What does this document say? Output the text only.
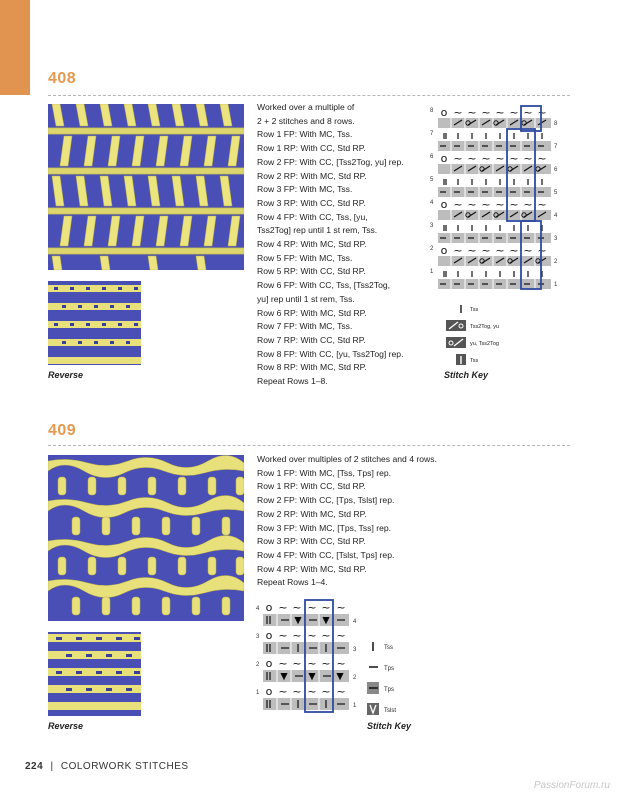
408
Reverse
Worked over a multiple of
2 + 2 stitches and 8 rows.
Row 1 FP: With MC, Tss.
Row 1 RP: With CC, Std RP.
Row 2 FP: With CC, [Tss2Tog, yu] rep.
Row 2 RP: With MC, Std RP.
Row 3 FP: With MC, Tss.
Row 3 RP: With CC, Std RP.
Row 4 FP: With CC, Tss, [yu,
Tss2Tog] rep until 1 st rem, Tss.
Row 4 RP: With MC, Std RP.
Row 5 FP: With MC, Tss.
Row 5 RP: With CC, Std RP.
Row 6 FP: With CC, Tss, [Tss2Tog,
yu] rep until 1 st rem, Tss.
Row 6 RP: With MC, Std RP.
Row 7 FP: With MC, Tss.
Row 7 RP: With CC, Std RP.
Row 8 FP: With CC, [yu, Tss2Tog] rep.
Row 8 RP: With MC, Std RP.
Repeat Rows 1–8.
o ~ ~ ~ ~ ~ ~ ~
o ~ ~ ~ ~ ~ ~ ~
o ~ ~ ~ ~ ~ ~ ~
o ~ ~ ~ ~ ~ ~ ~
8
8
7
7
6
6
5
5
4
4
3
3
2
2
1
1
Tss
Tss2Tog, yu
yu, Tss2Tog
Tss
Stitch Key
409
Reverse
Worked over multiples of 2 stitches and 4 rows.
Row 1 FP: With MC, [Tss, Tps] rep.
Row 1 RP: With CC, Std RP.
Row 2 FP: With CC, [Tps, Tslst] rep.
Row 2 RP: With MC, Std RP.
Row 3 FP: With MC, [Tps, Tss] rep.
Row 3 RP: With CC, Std RP.
Row 4 FP: With CC, [Tslst, Tps] rep.
Row 4 RP: With MC, Std RP.
Repeat Rows 1–4.
o ~ ~ ~ ~ ~
o ~ ~ ~ ~ ~
o ~ ~ ~ ~ ~
o ~ ~ ~ ~ ~
4
4
3
3
2
2
1
1
Tss
Tps
Tps
Tslst
Stitch Key
224 | COLORWORK STITCHES
PassionForum.ru
